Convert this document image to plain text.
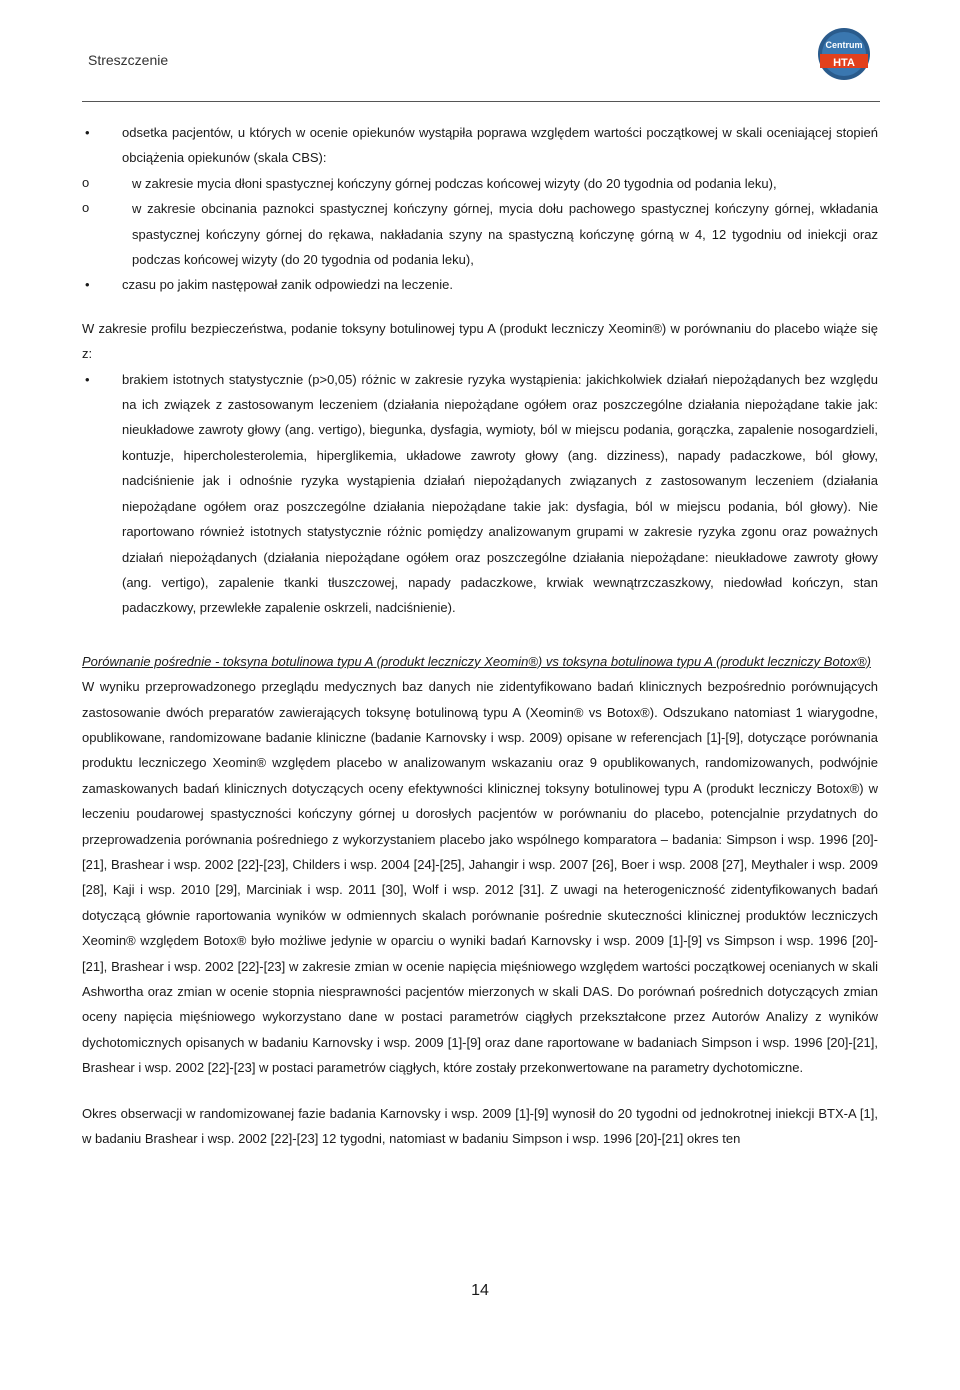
Streszczenie
Centrum
HTA
• odsetka pacjentów, u których w ocenie opiekunów wystąpiła poprawa względem wartości początkowej w skali oceniającej stopień obciążenia opiekunów (skala CBS):
o w zakresie mycia dłoni spastycznej kończyny górnej podczas końcowej wizyty (do 20 tygodnia od podania leku),
o w zakresie obcinania paznokci spastycznej kończyny górnej, mycia dołu pachowego spastycznej kończyny górnej, wkładania spastycznej kończyny górnej do rękawa, nakładania szyny na spastyczną kończynę górną w 4, 12 tygodniu od iniekcji oraz podczas końcowej wizyty (do 20 tygodnia od podania leku),
• czasu po jakim następował zanik odpowiedzi na leczenie.

W zakresie profilu bezpieczeństwa, podanie toksyny botulinowej typu A (produkt leczniczy Xeomin®) w porównaniu do placebo wiąże się z:

• brakiem istotnych statystycznie (p>0,05) różnic w zakresie ryzyka wystąpienia: jakichkolwiek działań niepożądanych bez względu na ich związek z zastosowanym leczeniem (działania niepożądane ogółem oraz poszczególne działania niepożądane takie jak: nieukładowe zawroty głowy (ang. vertigo), biegunka, dysfagia, wymioty, ból w miejscu podania, gorączka, zapalenie nosogardzieli, kontuzje, hipercholesterolemia, hiperglikemia, układowe zawroty głowy (ang. dizziness), napady padaczkowe, ból głowy, nadciśnienie jak i odnośnie ryzyka wystąpienia działań niepożądanych związanych z zastosowanym leczeniem (działania niepożądane ogółem oraz poszczególne działania niepożądane takie jak: dysfagia, ból w miejscu podania, ból głowy). Nie raportowano również istotnych statystycznie różnic pomiędzy analizowanym grupami w zakresie ryzyka zgonu oraz poważnych działań niepożądanych (działania niepożądane ogółem oraz poszczególne działania niepożądane: nieukładowe zawroty głowy (ang. vertigo), zapalenie tkanki tłuszczowej, napady padaczkowe, krwiak wewnątrzczaszkowy, niedowład kończyn, stan padaczkowy, przewlekłe zapalenie oskrzeli, nadciśnienie).

Porównanie pośrednie - toksyna botulinowa typu A (produkt leczniczy Xeomin®) vs toksyna botulinowa typu A (produkt leczniczy Botox®)

W wyniku przeprowadzonego przeglądu medycznych baz danych nie zidentyfikowano badań klinicznych bezpośrednio porównujących zastosowanie dwóch preparatów zawierających toksynę botulinową typu A (Xeomin® vs Botox®). Odszukano natomiast 1 wiarygodne, opublikowane, randomizowane badanie kliniczne (badanie Karnovsky i wsp. 2009) opisane w referencjach [1]-[9], dotyczące porównania produktu leczniczego Xeomin® względem placebo w analizowanym wskazaniu oraz 9 opublikowanych, randomizowanych, podwójnie zamaskowanych badań klinicznych dotyczących oceny efektywności klinicznej toksyny botulinowej typu A (produkt leczniczy Botox®) w leczeniu poudarowej spastyczności kończyny górnej u dorosłych pacjentów w porównaniu do placebo, potencjalnie przydatnych do przeprowadzenia porównania pośredniego z wykorzystaniem placebo jako wspólnego komparatora – badania: Simpson i wsp. 1996 [20]-[21], Brashear i wsp. 2002 [22]-[23], Childers i wsp. 2004 [24]-[25], Jahangir i wsp. 2007 [26], Boer i wsp. 2008 [27], Meythaler i wsp. 2009 [28], Kaji i wsp. 2010 [29], Marciniak i wsp. 2011 [30], Wolf i wsp. 2012 [31]. Z uwagi na heterogeniczność zidentyfikowanych badań dotyczącą głównie raportowania wyników w odmiennych skalach porównanie pośrednie skuteczności klinicznej produktów leczniczych Xeomin® względem Botox® było możliwe jedynie w oparciu o wyniki badań Karnovsky i wsp. 2009 [1]-[9] vs Simpson i wsp. 1996 [20]-[21], Brashear i wsp. 2002 [22]-[23] w zakresie zmian w ocenie napięcia mięśniowego względem wartości początkowej ocenianych w skali Ashwortha oraz zmian w ocenie stopnia niesprawności pacjentów mierzonych w skali DAS. Do porównań pośrednich dotyczących zmian oceny napięcia mięśniowego wykorzystano dane w postaci parametrów ciągłych przekształcone przez Autorów Analizy z wyników dychotomicznych opisanych w badaniu Karnovsky i wsp. 2009 [1]-[9] oraz dane raportowane w badaniach Simpson i wsp. 1996 [20]-[21], Brashear i wsp. 2002 [22]-[23] w postaci parametrów ciągłych, które zostały przekonwertowane na parametry dychotomiczne.

Okres obserwacji w randomizowanej fazie badania Karnovsky i wsp. 2009 [1]-[9] wynosił do 20 tygodni od jednokrotnej iniekcji BTX-A [1], w badaniu Brashear i wsp. 2002 [22]-[23] 12 tygodni, natomiast w badaniu Simpson i wsp. 1996 [20]-[21] okres ten

14
